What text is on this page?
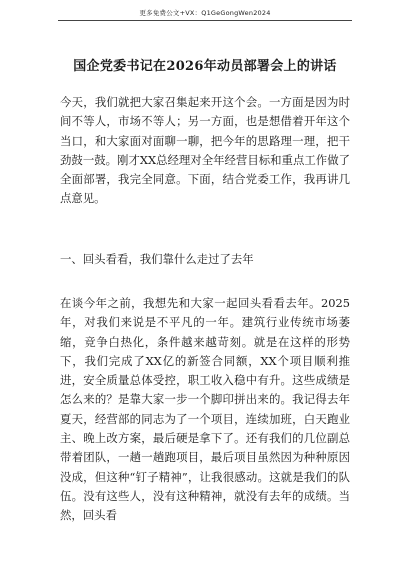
更多免费公文+VX：Q1GeGongWen2024
国企党委书记在2026年动员部署会上的讲话

今天，我们就把大家召集起来开这个会。一方面是因为时间不等人，市场不等人；另一方面，也是想借着开年这个当口，和大家面对面聊一聊，把今年的思路理一理，把干劲鼓一鼓。刚才XX总经理对全年经营目标和重点工作做了全面部署，我完全同意。下面，结合党委工作，我再讲几点意见。

一、回头看看，我们靠什么走过了去年

在谈今年之前，我想先和大家一起回头看看去年。2025年，对我们来说是不平凡的一年。建筑行业传统市场萎缩，竞争白热化，条件越来越苛刻。就是在这样的形势下，我们完成了XX亿的新签合同额，XX个项目顺利推进，安全质量总体受控，职工收入稳中有升。这些成绩是怎么来的？是靠大家一步一个脚印拼出来的。我记得去年夏天，经营部的同志为了一个项目，连续加班，白天跑业主、晚上改方案，最后硬是拿下了。还有我们的几位副总带着团队，一趟一趟跑项目，最后项目虽然因为种种原因没成，但这种“钉子精神”，让我很感动。这就是我们的队伍。没有这些人，没有这种精神，就没有去年的成绩。当然，回头看
